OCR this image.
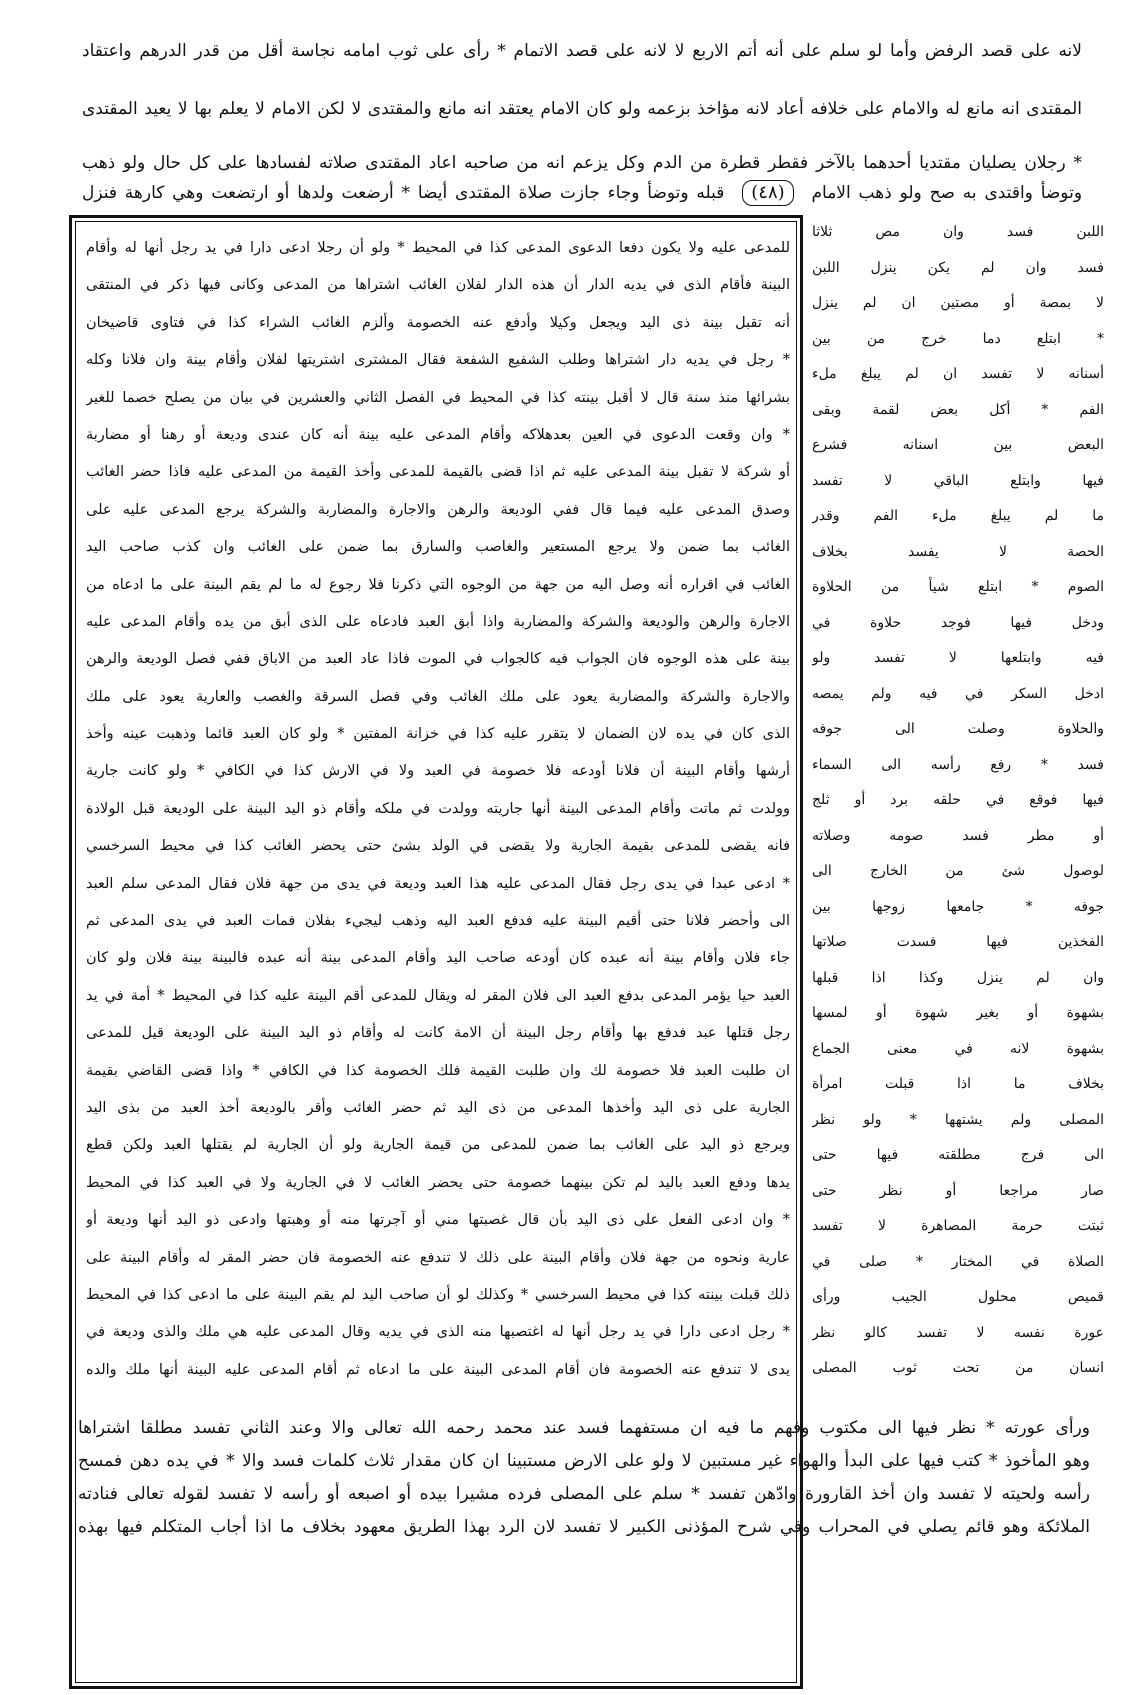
لانه على قصد الرفض وأما لو سلم على أنه أتم الاربع لا لانه على قصد الاتمام * رأى على ثوب امامه نجاسة أقل من قدر الدرهم واعتقاد
المقتدى انه مانع له والامام على خلافه أعاد لانه مؤاخذ بزعمه ولو كان الامام يعتقد انه مانع والمقتدى لا لكن الامام لا يعلم بها لا يعيد المقتدى
* رجلان يصليان مقتديا أحدهما بالآخر فقطر قطرة من الدم وكل يزعم انه من صاحبه اعاد المقتدى صلاته لفسادها على كل حال ولو ذهب
وتوضأ واقتدى به صح ولو ذهب الامام (٤٨) قبله وتوضأ وجاء جازت صلاة المقتدى أيضا * أرضعت ولدها أو ارتضعت وهي كارهة فنزل
للمدعى عليه ولا يكون دفعا الدعوى المدعى كذا في المحيط * ولو أن رجلا ادعى دارا في يد رجل أنها له وأقام
البينة فأقام الذى في يديه الدار أن هذه الدار لفلان الغائب اشتراها من المدعى وكانى فيها ذكر في المنتقى
أنه تقبل بينة ذى اليد ويجعل وكيلا وأدفع عنه الخصومة وألزم الغائب الشراء كذا في فتاوى قاضيخان
* رجل في يديه دار اشتراها وطلب الشفيع الشفعة فقال المشترى اشتريتها لفلان وأقام بينة وان فلانا وكله
بشرائها منذ سنة قال لا أقبل بينته كذا في المحيط في الفصل الثاني والعشرين في بيان من يصلح خصما للغير
* وان وقعت الدعوى في العين بعدهلاكه وأقام المدعى عليه بينة أنه كان عندى وديعة أو رهنا أو مضاربة
أو شركة لا تقبل بينة المدعى عليه ثم اذا قضى بالقيمة للمدعى وأخذ القيمة من المدعى عليه فاذا حضر الغائب
وصدق المدعى عليه فيما قال ففي الوديعة والرهن والاجارة والمضاربة والشركة يرجع المدعى عليه على
الغائب بما ضمن ولا يرجع المستعير والغاصب والسارق بما ضمن على الغائب وان كذب صاحب اليد
الغائب في اقراره أنه وصل اليه من جهة من الوجوه التي ذكرنا فلا رجوع له ما لم يقم البينة على ما ادعاه من
الاجارة والرهن والوديعة والشركة والمضاربة واذا أبق العبد فادعاه على الذى أبق من يده وأقام المدعى عليه
بينة على هذه الوجوه فان الجواب فيه كالجواب في الموت فاذا عاد العبد من الاباق ففي فصل الوديعة والرهن
والاجارة والشركة والمضاربة يعود على ملك الغائب وفي فصل السرقة والغصب والعارية يعود على ملك
الذى كان في يده لان الضمان لا يتقرر عليه كذا في خزانة المفتين * ولو كان العبد قائما وذهبت عينه وأخذ
أرشها وأقام البينة أن فلانا أودعه فلا خصومة في العبد ولا في الارش كذا في الكافي * ولو كانت جارية
وولدت ثم ماتت وأقام المدعى البينة أنها جاريته وولدت في ملكه وأقام ذو اليد البينة على الوديعة قبل الولادة
فانه يقضى للمدعى بقيمة الجارية ولا يقضى في الولد بشئ حتى يحضر الغائب كذا في محيط السرخسي
* ادعى عبدا في يدى رجل فقال المدعى عليه هذا العبد وديعة في يدى من جهة فلان فقال المدعى سلم العبد
الى وأحضر فلانا حتى أقيم البينة عليه فدفع العبد اليه وذهب ليجيء بفلان فمات العبد في يدى المدعى ثم
جاء فلان وأقام بينة أنه عبده كان أودعه صاحب اليد وأقام المدعى بينة أنه عبده فالبينة بينة فلان ولو كان
العبد حيا يؤمر المدعى بدفع العبد الى فلان المقر له ويقال للمدعى أقم البينة عليه كذا في المحيط * أمة في يد
رجل قتلها عبد فدفع بها وأقام رجل البينة أن الامة كانت له وأقام ذو اليد البينة على الوديعة قيل للمدعى
ان طلبت العبد فلا خصومة لك وان طلبت القيمة فلك الخصومة كذا في الكافي * واذا قضى القاضي بقيمة
الجارية على ذى اليد وأخذها المدعى من ذى اليد ثم حضر الغائب وأقر بالوديعة أخذ العبد من بذى اليد
ويرجع ذو اليد على الغائب بما ضمن للمدعى من قيمة الجارية ولو أن الجارية لم يقتلها العبد ولكن قطع
يدها ودفع العبد باليد لم تكن بينهما خصومة حتى يحضر الغائب لا في الجارية ولا في العبد كذا في المحيط
* وان ادعى الفعل على ذى اليد بأن قال غصبتها مني أو آجرتها منه أو وهبتها وادعى ذو اليد أنها وديعة أو
عارية ونحوه من جهة فلان وأقام البينة على ذلك لا تندفع عنه الخصومة فان حضر المقر له وأقام البينة على
ذلك قبلت بينته كذا في محيط السرخسي * وكذلك لو أن صاحب اليد لم يقم البينة على ما ادعى كذا في المحيط
* رجل ادعى دارا في يد رجل أنها له اغتصبها منه الذى في يديه وقال المدعى عليه هي ملك والذى وديعة في
يدى لا تندفع عنه الخصومة فان أقام المدعى البينة على ما ادعاه ثم أقام المدعى عليه البينة أنها ملك والده
اللبن فسد وان مص ثلاثا
فسد وان لم يكن ينزل اللبن
لا بمصة أو مصتين ان لم ينزل
* ابتلع دما خرج من بين
أسنانه لا تفسد ان لم يبلغ ملء
الفم * أكل بعض لقمة وبقى
البعض بين اسنانه فشرع
فيها وابتلع الباقي لا تفسد
ما لم يبلغ ملء الفم وقدر
الحصة لا يفسد بخلاف
الصوم * ابتلع شيأ من الحلاوة
ودخل فيها فوجد حلاوة في
فيه وابتلعها لا تفسد ولو
ادخل السكر في فيه ولم يمصه
والحلاوة وصلت الى جوفه
فسد * رفع رأسه الى السماء
فيها فوقع في حلقه برد أو ثلج
أو مطر فسد صومه وصلاته
لوصول شئ من الخارج الى
جوفه * جامعها زوجها بين
الفخذين فيها فسدت صلاتها
وان لم ينزل وكذا اذا قبلها
بشهوة أو بغير شهوة أو لمسها
بشهوة لانه في معنى الجماع
بخلاف ما اذا قبلت امرأة
المصلى ولم يشتهها * ولو نظر
الى فرج مطلقته فيها حتى
صار مراجعا أو نظر حتى
ثبتت حرمة المصاهرة لا تفسد
الصلاة في المختار * صلى في
قميص محلول الجيب ورأى
عورة نفسه لا تفسد كالو نظر
انسان من تحت ثوب المصلى
ورأى عورته * نظر فيها الى مكتوب وفهم ما فيه ان مستفهما فسد عند محمد رحمه الله تعالى والا وعند الثاني تفسد مطلقا اشتراها
وهو المأخوذ * كتب فيها على البدأ والهواء غير مستبين لا ولو على الارض مستبينا ان كان مقدار ثلاث كلمات فسد والا * في يده دهن فمسح
رأسه ولحيته لا تفسد وان أخذ القارورة وادّهن تفسد * سلم على المصلى فرده مشيرا بيده أو اصبعه أو رأسه لا تفسد لقوله تعالى فنادته
الملائكة وهو قائم يصلي في المحراب وفي شرح المؤذنى الكبير لا تفسد لان الرد بهذا الطريق معهود بخلاف ما اذا أجاب المتكلم فيها بهذه
